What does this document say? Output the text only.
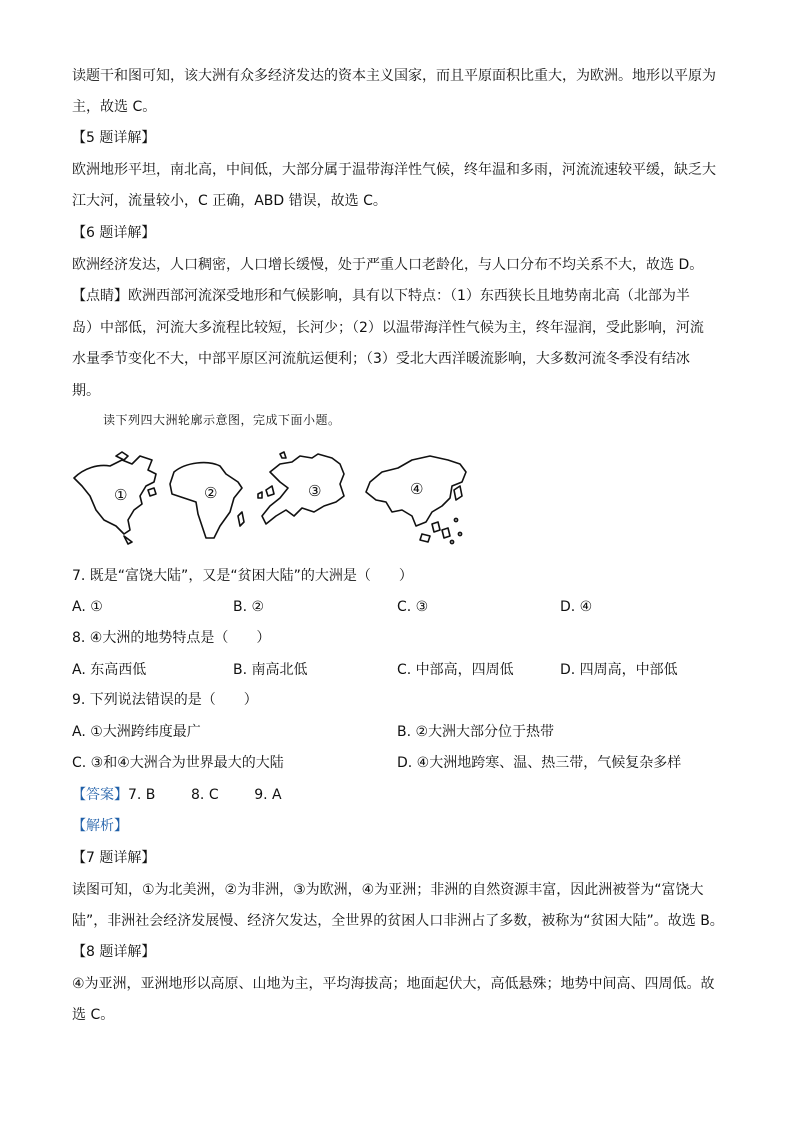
读题干和图可知，该大洲有众多经济发达的资本主义国家，而且平原面积比重大，为欧洲。地形以平原为
主，故选 C。
【5 题详解】
欧洲地形平坦，南北高，中间低，大部分属于温带海洋性气候，终年温和多雨，河流流速较平缓，缺乏大
江大河，流量较小，C 正确，ABD 错误，故选 C。
【6 题详解】
欧洲经济发达，人口稠密，人口增长缓慢，处于严重人口老龄化，与人口分布不均关系不大，故选 D。
【点睛】欧洲西部河流深受地形和气候影响，具有以下特点：（1）东西狭长且地势南北高（北部为半
岛）中部低，河流大多流程比较短，长河少；（2）以温带海洋性气候为主，终年湿润，受此影响，河流
水量季节变化不大，中部平原区河流航运便利；（3）受北大西洋暖流影响，大多数河流冬季没有结冰
期。
读下列四大洲轮廓示意图，完成下面小题。
①	②	③	④
7. 既是“富饶大陆”，又是“贫困大陆”的大洲是（　　）
A. ①	B. ②	C. ③	D. ④
8. ④大洲的地势特点是（　　）
A. 东高西低	B. 南高北低	C. 中部高，四周低	D. 四周高，中部低
9. 下列说法错误的是（　　）
A. ①大洲跨纬度最广	B. ②大洲大部分位于热带
C. ③和④大洲合为世界最大的大陆	D. ④大洲地跨寒、温、热三带，气候复杂多样
【答案】7. B        8. C        9. A
【解析】
【7 题详解】
读图可知，①为北美洲，②为非洲，③为欧洲，④为亚洲；非洲的自然资源丰富，因此洲被誉为“富饶大
陆”，非洲社会经济发展慢、经济欠发达，全世界的贫困人口非洲占了多数，被称为“贫困大陆”。故选 B。
【8 题详解】
④为亚洲，亚洲地形以高原、山地为主，平均海拔高；地面起伏大，高低悬殊；地势中间高、四周低。故
选 C。
